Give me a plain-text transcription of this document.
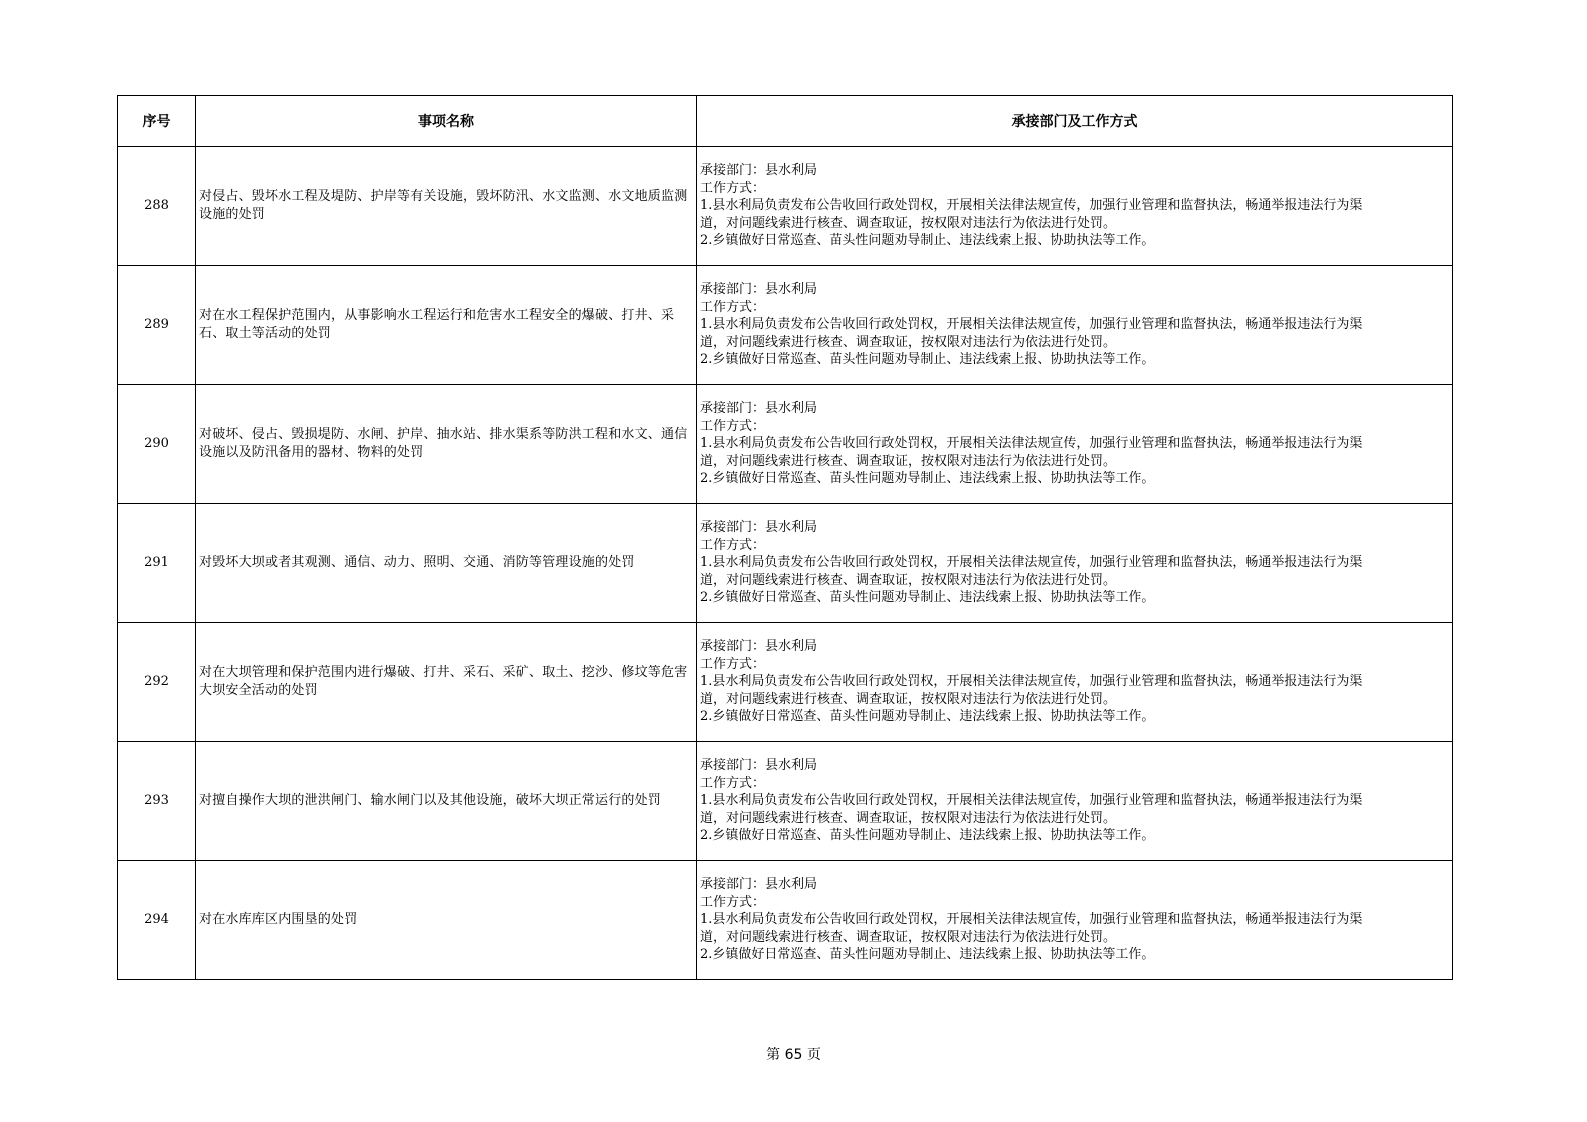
序号	事项名称	承接部门及工作方式
288	对侵占、毁坏水工程及堤防、护岸等有关设施，毁坏防汛、水文监测、水文地质监测设施的处罚	承接部门：县水利局
工作方式：
1.县水利局负责发布公告收回行政处罚权，开展相关法律法规宣传，加强行业管理和监督执法，畅通举报违法行为渠
道，对问题线索进行核查、调查取证，按权限对违法行为依法进行处罚。
2.乡镇做好日常巡查、苗头性问题劝导制止、违法线索上报、协助执法等工作。

289	对在水工程保护范围内，从事影响水工程运行和危害水工程安全的爆破、打井、采石、取土等活动的处罚	承接部门：县水利局
工作方式：
1.县水利局负责发布公告收回行政处罚权，开展相关法律法规宣传，加强行业管理和监督执法，畅通举报违法行为渠
道，对问题线索进行核查、调查取证，按权限对违法行为依法进行处罚。
2.乡镇做好日常巡查、苗头性问题劝导制止、违法线索上报、协助执法等工作。

290	对破坏、侵占、毁损堤防、水闸、护岸、抽水站、排水渠系等防洪工程和水文、通信设施以及防汛备用的器材、物料的处罚	承接部门：县水利局
工作方式：
1.县水利局负责发布公告收回行政处罚权，开展相关法律法规宣传，加强行业管理和监督执法，畅通举报违法行为渠
道，对问题线索进行核查、调查取证，按权限对违法行为依法进行处罚。
2.乡镇做好日常巡查、苗头性问题劝导制止、违法线索上报、协助执法等工作。

291	对毁坏大坝或者其观测、通信、动力、照明、交通、消防等管理设施的处罚	承接部门：县水利局
工作方式：
1.县水利局负责发布公告收回行政处罚权，开展相关法律法规宣传，加强行业管理和监督执法，畅通举报违法行为渠
道，对问题线索进行核查、调查取证，按权限对违法行为依法进行处罚。
2.乡镇做好日常巡查、苗头性问题劝导制止、违法线索上报、协助执法等工作。

292	对在大坝管理和保护范围内进行爆破、打井、采石、采矿、取土、挖沙、修坟等危害大坝安全活动的处罚	承接部门：县水利局
工作方式：
1.县水利局负责发布公告收回行政处罚权，开展相关法律法规宣传，加强行业管理和监督执法，畅通举报违法行为渠
道，对问题线索进行核查、调查取证，按权限对违法行为依法进行处罚。
2.乡镇做好日常巡查、苗头性问题劝导制止、违法线索上报、协助执法等工作。

293	对擅自操作大坝的泄洪闸门、输水闸门以及其他设施，破坏大坝正常运行的处罚	承接部门：县水利局
工作方式：
1.县水利局负责发布公告收回行政处罚权，开展相关法律法规宣传，加强行业管理和监督执法，畅通举报违法行为渠
道，对问题线索进行核查、调查取证，按权限对违法行为依法进行处罚。
2.乡镇做好日常巡查、苗头性问题劝导制止、违法线索上报、协助执法等工作。

294	对在水库库区内围垦的处罚	承接部门：县水利局
工作方式：
1.县水利局负责发布公告收回行政处罚权，开展相关法律法规宣传，加强行业管理和监督执法，畅通举报违法行为渠
道，对问题线索进行核查、调查取证，按权限对违法行为依法进行处罚。
2.乡镇做好日常巡查、苗头性问题劝导制止、违法线索上报、协助执法等工作。
第 65 页
